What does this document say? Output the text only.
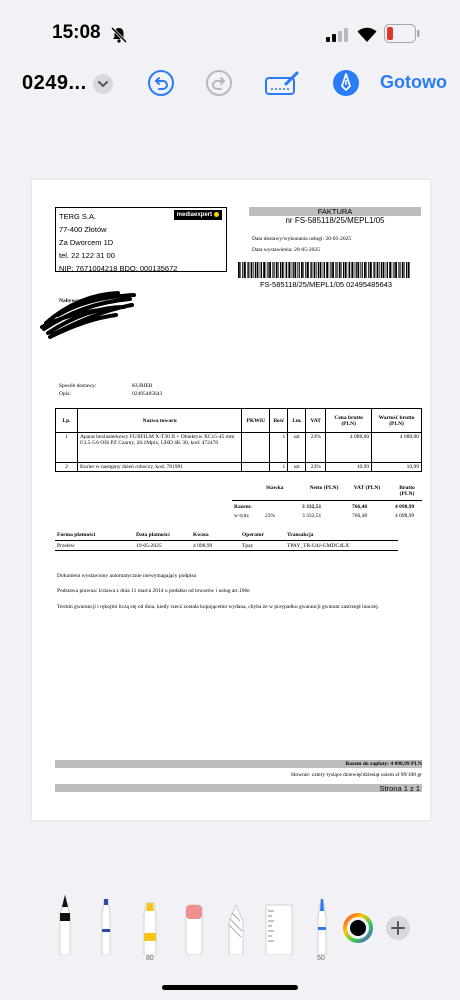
15:08
0249...	Gotowo
TERG S.A.
77-400 Złotów
Za Dworcem 1D
tel. 22 122 31 00
NIP: 7671004218 BDO: 000135672
mediaexpert	FAKTURA
nr FS-585118/25/MEPL1/05
Data dostawy/wykonania usługi: 20-05-2025
Data wystawienia: 20-05-2025
FS-585118/25/MEPL1/05 02495485643
Nabywca:
Sposób dostawy:	KURIER
Opis:	02495485643
Lp.	Nazwa towaru	PKWiU	Ilość	J.m.	VAT	Cena brutto (PLN)	Wartość brutto (PLN)
1	Aparat bezlusterkowy FUJIFILM X-T30 II + Obiektyw XC15-45 mm f/3.5-5.6 OIS PZ Czarny, 26.1Mpix, UHD 4K 30, kod: 472470		1	szt	23%	4 088,00	4 088,00
2	Kurier w następny dzień roboczy, kod: 781981		1	szt	23%	10,99	10,99
Stawka	Netto (PLN)	VAT (PLN)	Brutto (PLN)
Razem:	3 332,51	766,48	4 098,99
w tym:	23%	3 332,51	766,48	4 098,99
Forma płatności	Data płatności	Kwota	Operator	Transakcja
Przelew	19-05-2025	4 098,99	Tpay	TPAY_TR-U4J-GMDC4LX
Dokument wystawiony automatycznie niewymagający podpisu
Podstawa prawna: Ustawa z dnia 11 marca 2014 o podatku od towarów i usług art.106e
Termin gwarancji i rękojmi liczą się od dnia, kiedy rzecz została kupującemu wydana, chyba że w przypadku gwarancji gwarant zastrzegł inaczej.
Razem do zapłaty: 4 098,99 PLN
Słownie: cztery tysiące dziewięćdziesiąt osiem zł 99/100 gr
Strona 1 z 1
80	50
